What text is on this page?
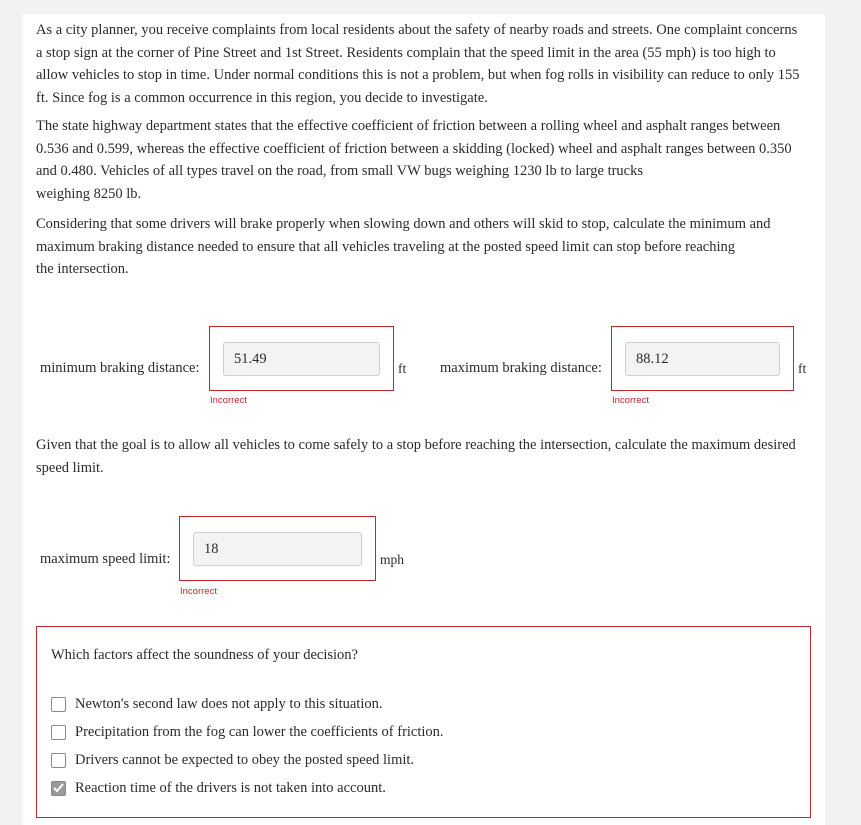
As a city planner, you receive complaints from local residents about the safety of nearby roads and streets. One complaint concerns a stop sign at the corner of Pine Street and 1st Street. Residents complain that the speed limit in the area (55 mph) is too high to allow vehicles to stop in time. Under normal conditions this is not a problem, but when fog rolls in visibility can reduce to only 155 ft. Since fog is a common occurrence in this region, you decide to investigate.

The state highway department states that the effective coefficient of friction between a rolling wheel and asphalt ranges between 0.536 and 0.599, whereas the effective coefficient of friction between a skidding (locked) wheel and asphalt ranges between 0.350 and 0.480. Vehicles of all types travel on the road, from small VW bugs weighing 1230 lb to large trucks
weighing 8250 lb.

Considering that some drivers will brake properly when slowing down and others will skid to stop, calculate the minimum and maximum braking distance needed to ensure that all vehicles traveling at the posted speed limit can stop before reaching
the intersection.

minimum braking distance:
51.49	ft
Incorrect
maximum braking distance:
88.12	ft
Incorrect

Given that the goal is to allow all vehicles to come safely to a stop before reaching the intersection, calculate the maximum desired speed limit.

maximum speed limit:
18	mph
Incorrect
Which factors affect the soundness of your decision?
Newton's second law does not apply to this situation.
Precipitation from the fog can lower the coefficients of friction.
Drivers cannot be expected to obey the posted speed limit.
Reaction time of the drivers is not taken into account.
